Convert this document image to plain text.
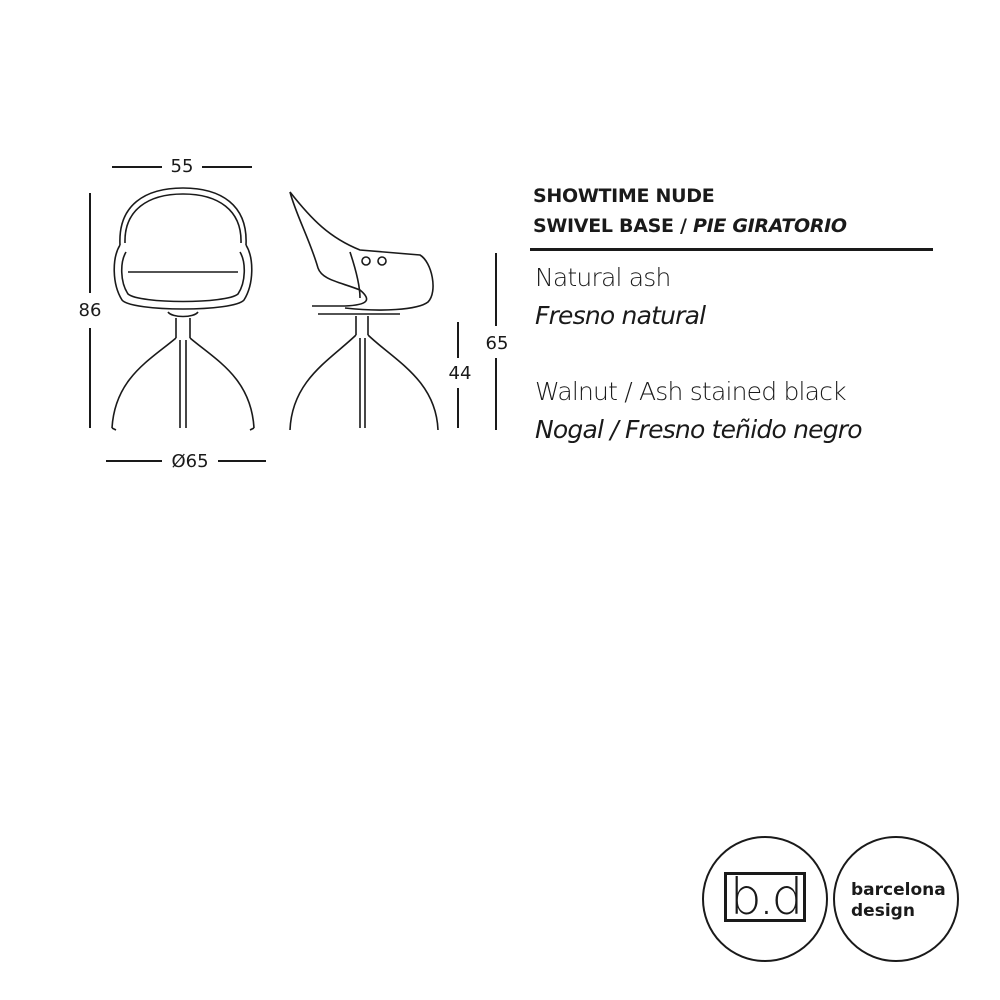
55
86
Ø65
44
65
SHOWTIME NUDE
SWIVEL BASE / PIE GIRATORIO
Natural ash
Fresno natural
Walnut / Ash stained black
Nogal / Fresno teñido negro
b.d	barcelona
design
